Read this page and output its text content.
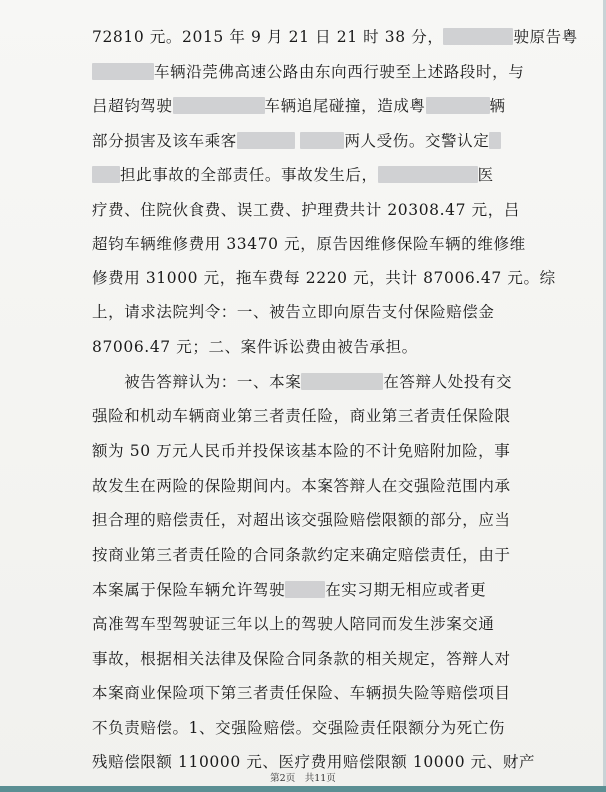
72810 元。2015 年 9 月 21 日 21 时 38 分，	驶原告粤
车辆沿莞佛高速公路由东向西行驶至上述路段时，与
吕超钧驾驶	车辆追尾碰撞，造成粤	辆
部分损害及该车乘客	两人受伤。交警认定
担此事故的全部责任。事故发生后，	医
疗费、住院伙食费、误工费、护理费共计 20308.47 元，吕
超钧车辆维修费用 33470 元，原告因维修保险车辆的维修维
修费用 31000 元，拖车费每 2220 元，共计 87006.47 元。综
上，请求法院判令：一、被告立即向原告支付保险赔偿金
87006.47 元；二、案件诉讼费由被告承担。
　　被告答辩认为：一、本案	在答辩人处投有交
强险和机动车辆商业第三者责任险，商业第三者责任保险限
额为 50 万元人民币并投保该基本险的不计免赔附加险，事
故发生在两险的保险期间内。本案答辩人在交强险范围内承
担合理的赔偿责任，对超出该交强险赔偿限额的部分，应当
按商业第三者责任险的合同条款约定来确定赔偿责任，由于
本案属于保险车辆允许驾驶	在实习期无相应或者更
高准驾车型驾驶证三年以上的驾驶人陪同而发生涉案交通
事故，根据相关法律及保险合同条款的相关规定，答辩人对
本案商业保险项下第三者责任保险、车辆损失险等赔偿项目
不负责赔偿。1、交强险赔偿。交强险责任限额分为死亡伤
残赔偿限额 110000 元、医疗费用赔偿限额 10000 元、财产
第2页　共11页
